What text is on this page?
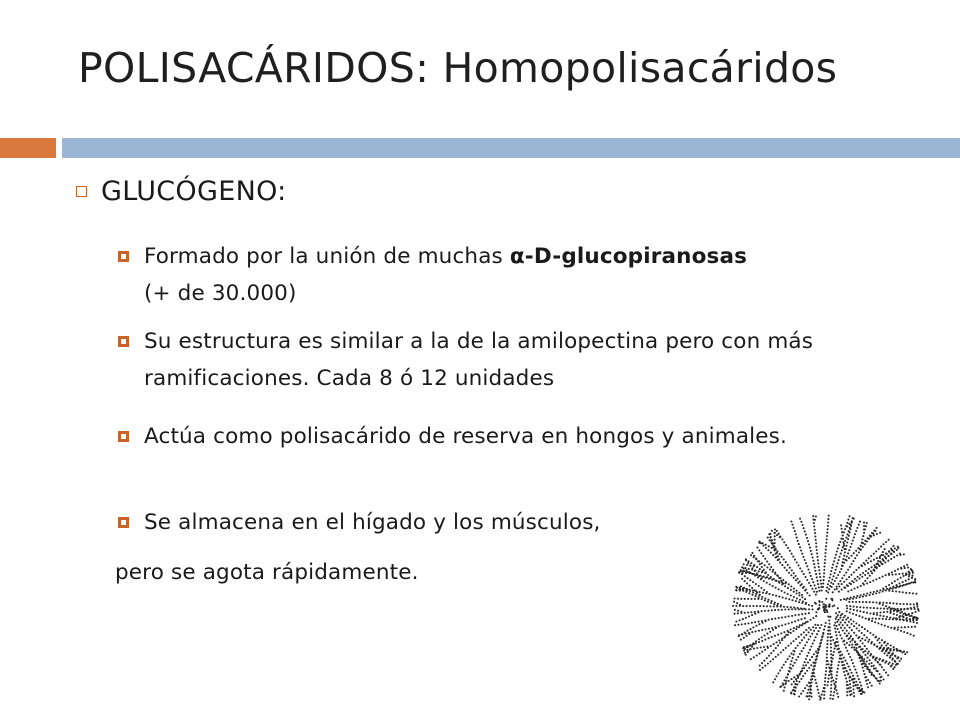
POLISACÁRIDOS: Homopolisacáridos
GLUCÓGENO:
Formado por la unión de muchas α-D-glucopiranosas
(+ de 30.000)
Su estructura es similar a la de la amilopectina pero con más ramificaciones. Cada 8 ó 12 unidades
Actúa como polisacárido de reserva en hongos y animales.
Se almacena en el hígado y los músculos,
pero se agota rápidamente.
